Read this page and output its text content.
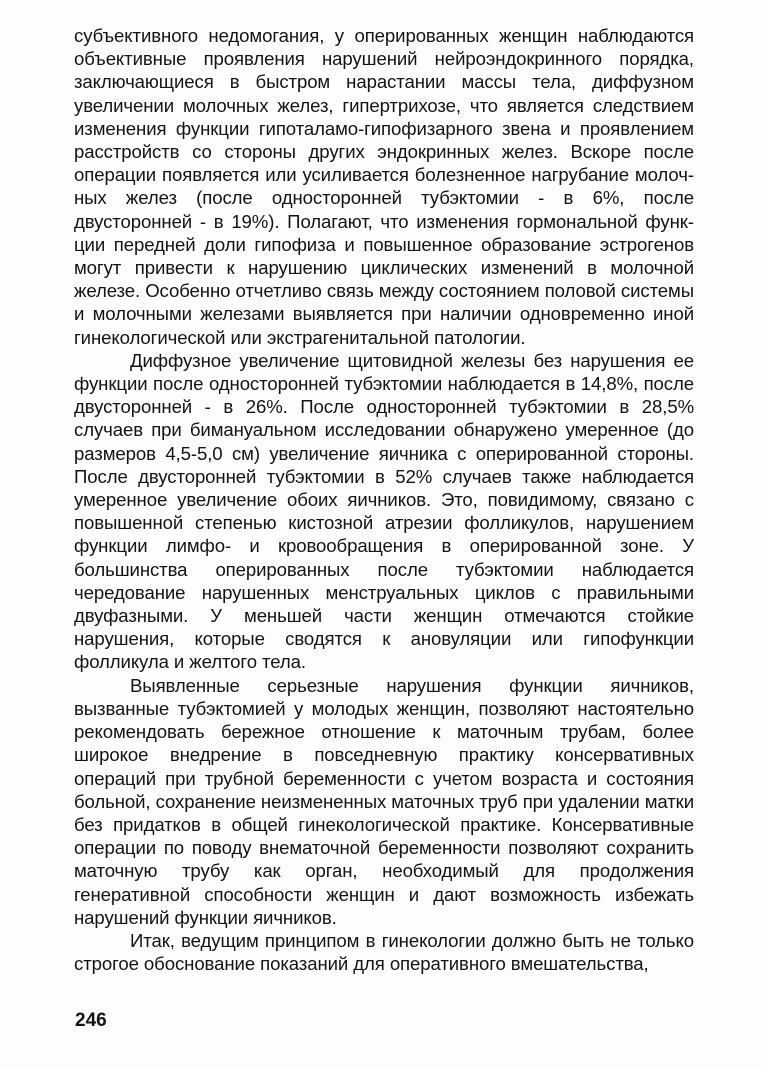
субъективного недомогания, у оперированных женщин наблюдаются объективные проявления нарушений нейроэндокринного порядка, заключающиеся в быстром нарастании массы тела, диффузном увеличении молочных желез, гипертрихозе, что является следствием изменения функции гипоталамо-гипофизарного звена и проявлением расстройств со стороны других эндокринных желез. Вскоре после операции появляется или усиливается болезненное нагрубание молочных желез (после односторонней тубэктомии - в 6%, после двусторонней - в 19%). Полагают, что изменения гормональной функции передней доли гипофиза и повышенное образование эстрогенов могут привести к нарушению циклических изменений в молочной железе. Особенно отчетливо связь между состоянием половой системы и молочными железами выявляется при наличии одновременно иной гинекологической или экстрагенитальной патологии.

Диффузное увеличение щитовидной железы без нарушения ее функции после односторонней тубэктомии наблюдается в 14,8%, после двусторонней - в 26%. После односторонней тубэктомии в 28,5% случаев при бимануальном исследовании обнаружено умеренное (до размеров 4,5-5,0 см) увеличение яичника с оперированной стороны. После двусторонней тубэктомии в 52% случаев также наблюдается умеренное увеличение обоих яичников. Это, повидимому, связано с повышенной степенью кистозной атрезии фолликулов, нарушением функции лимфо- и кровообращения в оперированной зоне. У большинства оперированных после тубэктомии наблюдается чередование нарушенных менструальных циклов с правильными двуфазными. У меньшей части женщин отмечаются стойкие нарушения, которые сводятся к ановуляции или гипофункции фолликула и желтого тела.

Выявленные серьезные нарушения функции яичников, вызванные тубэктомией у молодых женщин, позволяют настоятельно рекомендовать бережное отношение к маточным трубам, более широкое внедрение в повседневную практику консервативных операций при трубной беременности с учетом возраста и состояния больной, сохранение неизмененных маточных труб при удалении матки без придатков в общей гинекологической практике. Консервативные операции по поводу внематочной беременности позволяют сохранить маточную трубу как орган, необходимый для продолжения генеративной способности женщин и дают возможность избежать нарушений функции яичников.

Итак, ведущим принципом в гинекологии должно быть не только строгое обоснование показаний для оперативного вмешательства,

246
